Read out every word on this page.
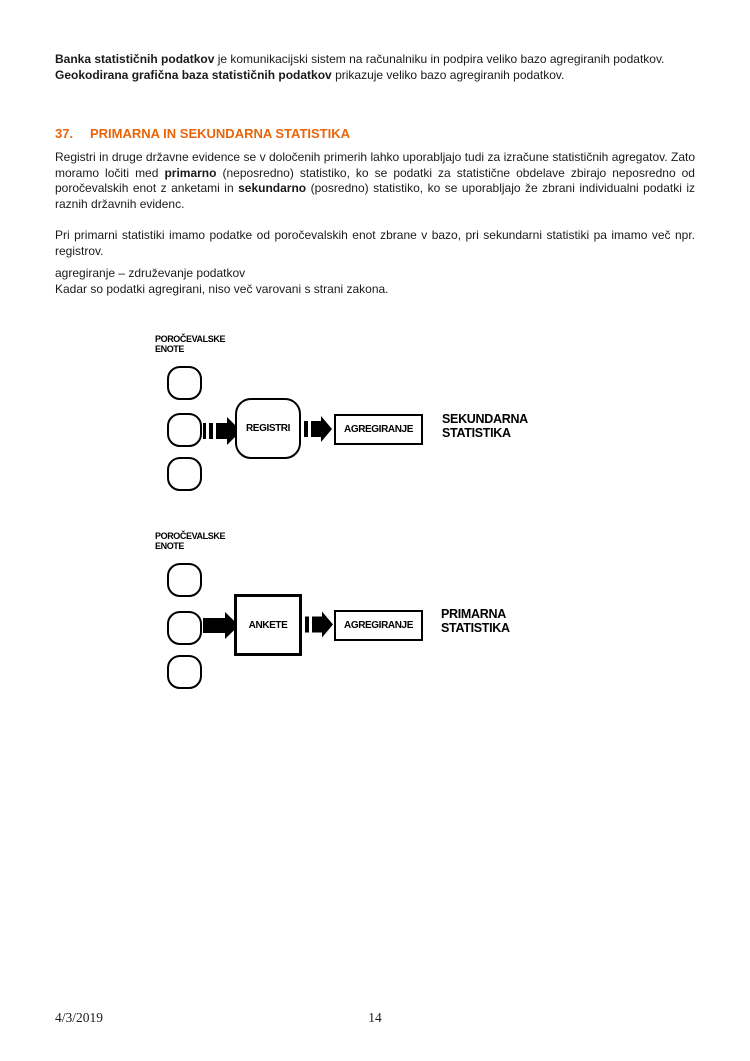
Banka statističnih podatkov je komunikacijski sistem na računalniku in podpira veliko bazo agregiranih podatkov.

Geokodirana grafična baza statističnih podatkov prikazuje veliko bazo agregiranih podatkov.

37.	PRIMARNA IN SEKUNDARNA STATISTIKA

Registri in druge državne evidence se v določenih primerih lahko uporabljajo tudi za izračune statističnih agregatov. Zato moramo ločiti med primarno (neposredno) statistiko, ko se podatki za statistične obdelave zbirajo neposredno od poročevalskih enot z anketami in sekundarno (posredno) statistiko, ko se uporabljajo že zbrani individualni podatki iz raznih državnih evidenc.

Pri primarni statistiki imamo podatke od poročevalskih enot zbrane v bazo, pri sekundarni statistiki pa imamo več npr. registrov.

agregiranje – združevanje podatkov

Kadar so podatki agregirani, niso več varovani s strani zakona.

POROČEVALSKE
ENOTE
REGISTRI	AGREGIRANJE
SEKUNDARNA
STATISTIKA
POROČEVALSKE
ENOTE
ANKETE	AGREGIRANJE
PRIMARNA
STATISTIKA
4/3/2019	14
